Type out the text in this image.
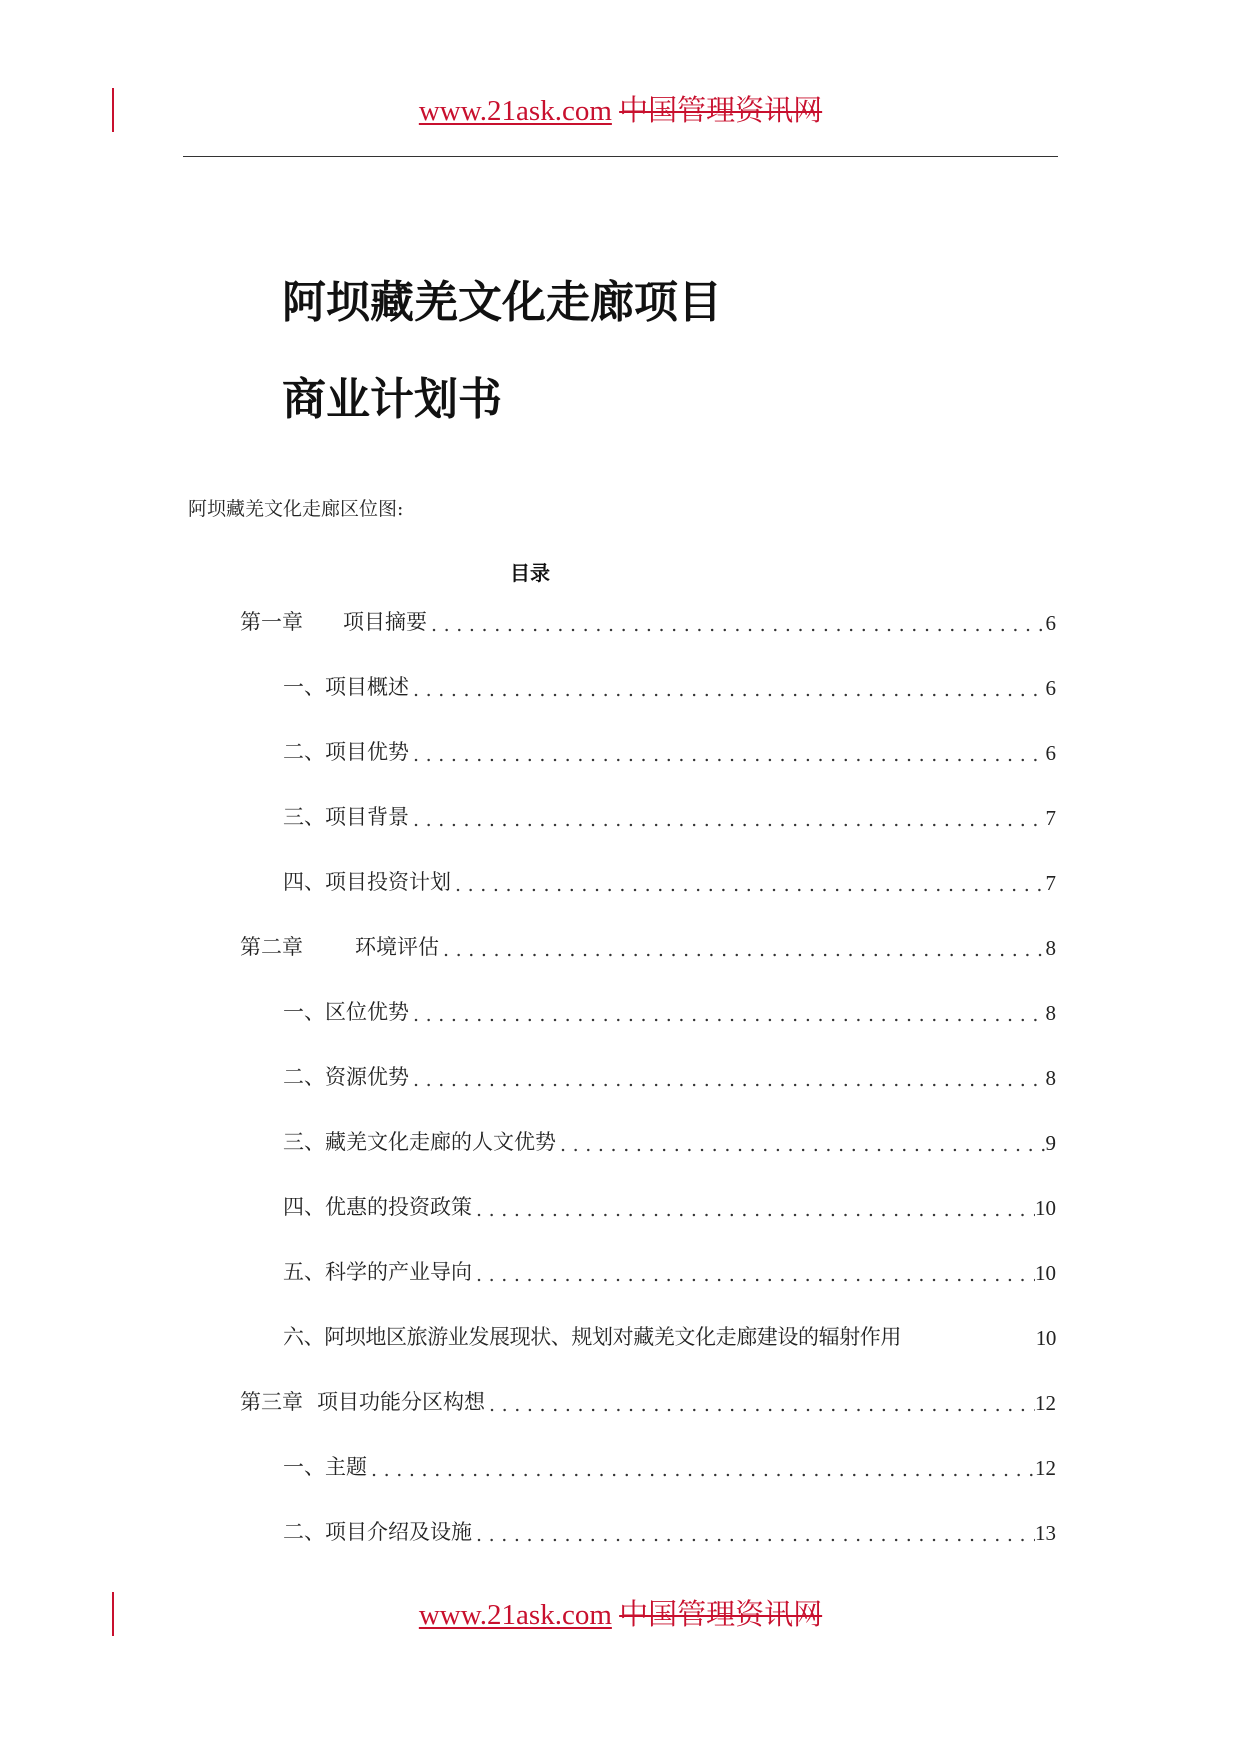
www.21ask.com 中国管理资讯网
阿坝藏羌文化走廊项目
商业计划书
阿坝藏羌文化走廊区位图:
目录
第一章 项目摘要 .....	6
一、项目概述 .....	6
二、项目优势 .....	6
三、项目背景 .....	7
四、项目投资计划 .....	7
第二章 环境评估 .....	8
一、区位优势 .....	8
二、资源优势 .....	8
三、藏羌文化走廊的人文优势 .....	9
四、优惠的投资政策 .....	10
五、科学的产业导向 .....	10
六、阿坝地区旅游业发展现状、规划对藏羌文化走廊建设的辐射作用	10
第三章 项目功能分区构想 .....	12
一、主题 .....	12
二、项目介绍及设施 .....	13
www.21ask.com 中国管理资讯网
